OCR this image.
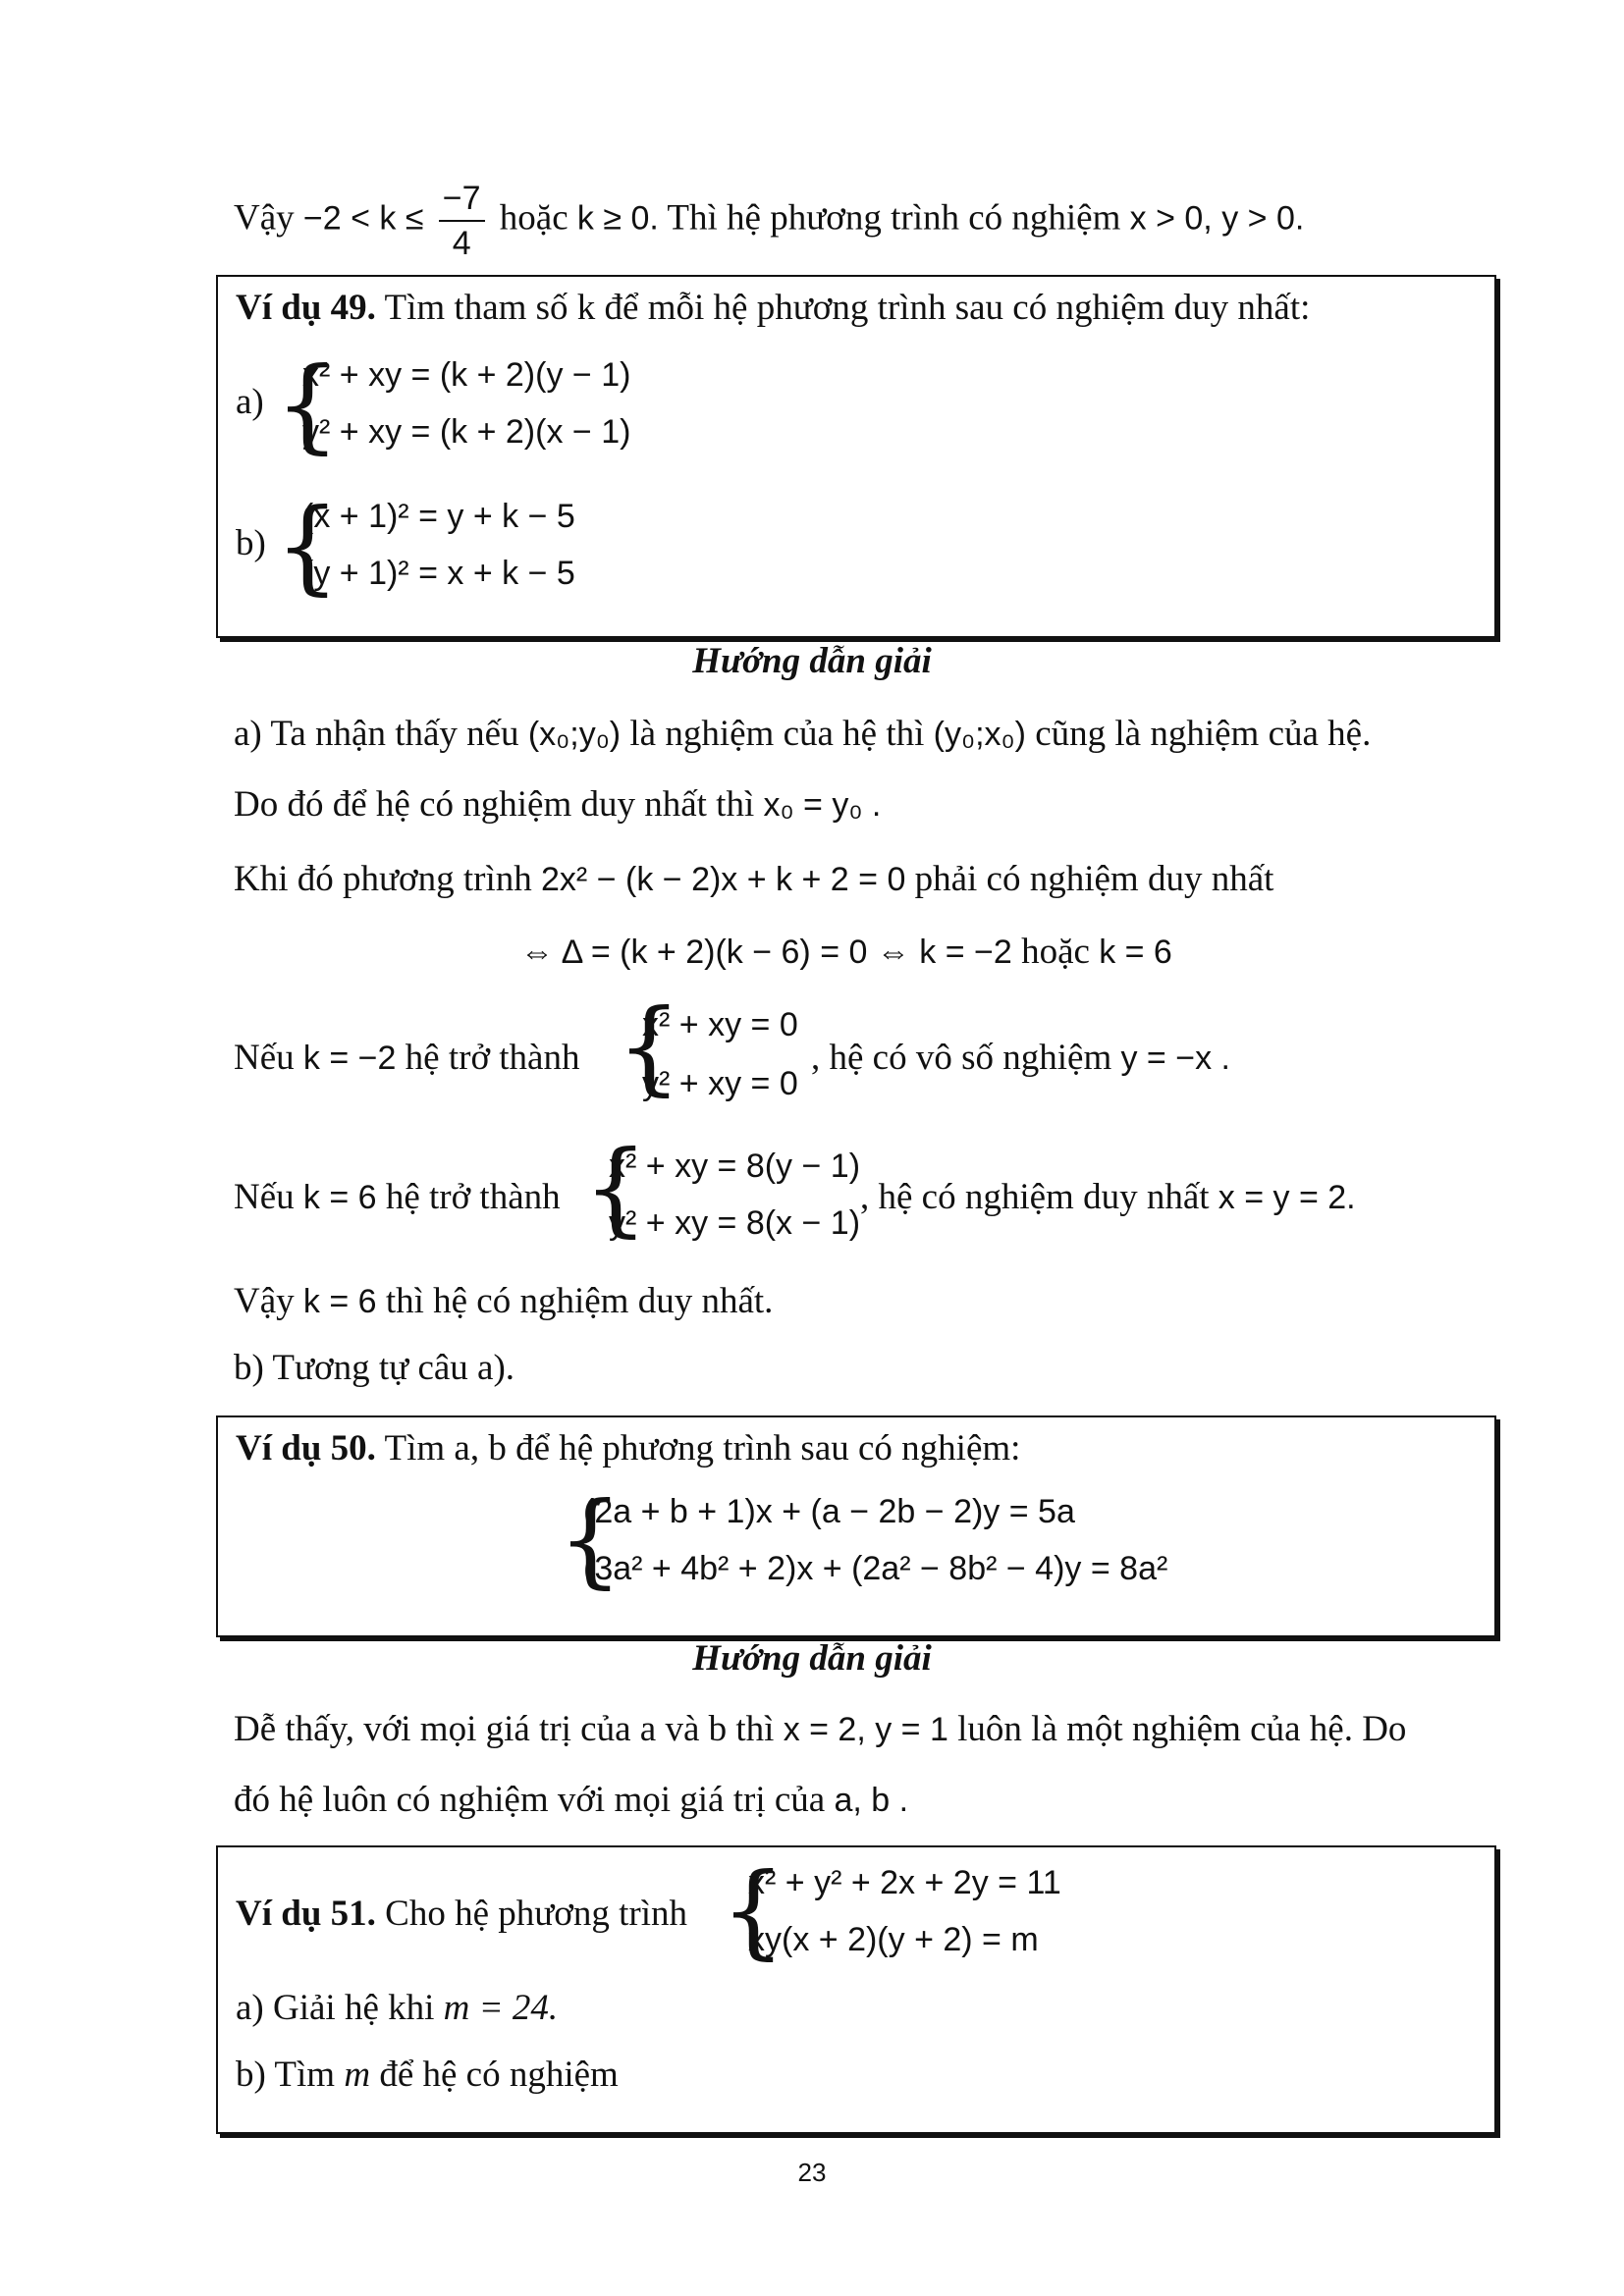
Vậy $-2 < k \le \frac{-7}{4}$ hoặc k ≥ 0. Thì hệ phương trình có nghiệm x > 0, y > 0.
Ví dụ 49. Tìm tham số k để mỗi hệ phương trình sau có nghiệm duy nhất:
a) {
x² + xy = (k + 2)(y − 1)
y² + xy = (k + 2)(x − 1)
b) {
(x + 1)² = y + k − 5
(y + 1)² = x + k − 5
Hướng dẫn giải
a) Ta nhận thấy nếu (x₀;y₀) là nghiệm của hệ thì (y₀;x₀) cũng là nghiệm của hệ.
Do đó để hệ có nghiệm duy nhất thì x₀ = y₀ .
Khi đó phương trình 2x² − (k − 2)x + k + 2 = 0 phải có nghiệm duy nhất
⇔ Δ = (k + 2)(k − 6) = 0 ⇔ k = −2 hoặc k = 6
Nếu k = −2 hệ trở thành {
x² + xy = 0
y² + xy = 0
, hệ có vô số nghiệm y = −x .
Nếu k = 6 hệ trở thành {
x² + xy = 8(y − 1)
y² + xy = 8(x − 1)
, hệ có nghiệm duy nhất x = y = 2.
Vậy k = 6 thì hệ có nghiệm duy nhất.
b) Tương tự câu a).
Ví dụ 50. Tìm a, b để hệ phương trình sau có nghiệm:
{
(2a + b + 1)x + (a − 2b − 2)y = 5a
(3a² + 4b² + 2)x + (2a² − 8b² − 4)y = 8a²
Hướng dẫn giải
Dễ thấy, với mọi giá trị của a và b thì x = 2, y = 1 luôn là một nghiệm của hệ. Do
đó hệ luôn có nghiệm với mọi giá trị của a, b .
Ví dụ 51. Cho hệ phương trình {
x² + y² + 2x + 2y = 11
xy(x + 2)(y + 2) = m
a) Giải hệ khi m = 24.
b) Tìm m để hệ có nghiệm
23
